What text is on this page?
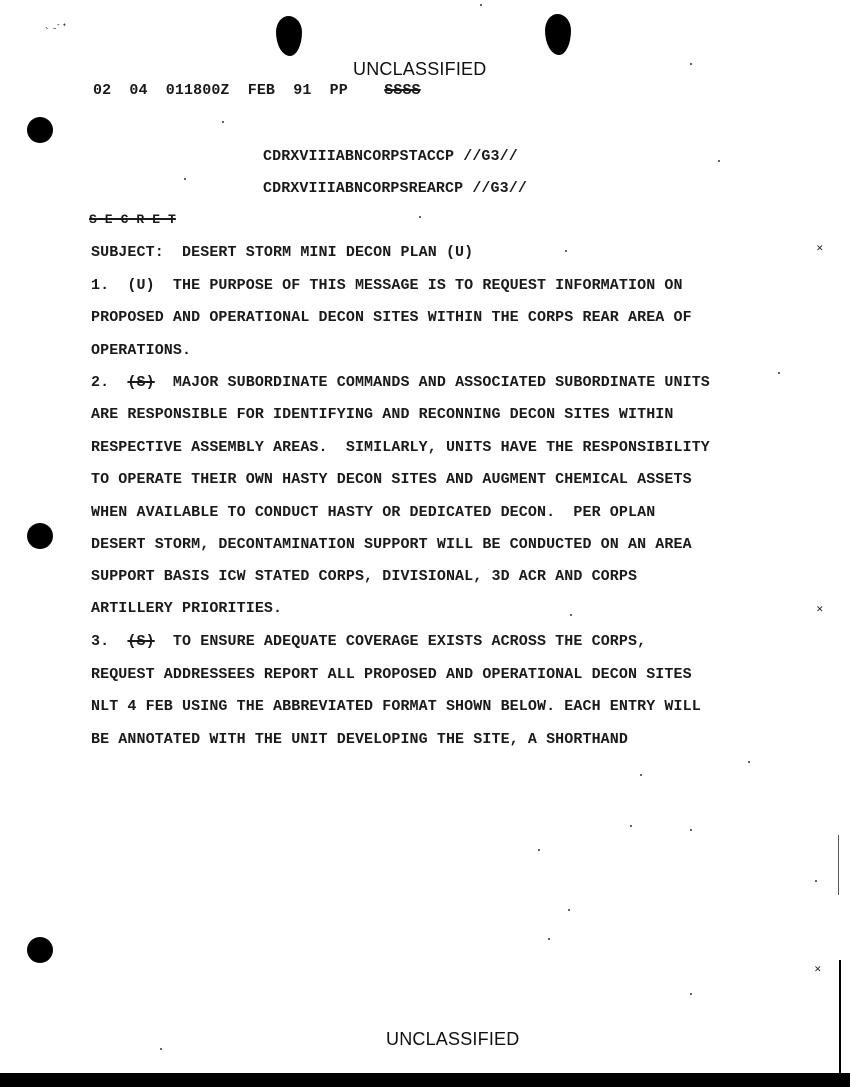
ˎ ˍ˗ ˖
✕
✕
✕
UNCLASSIFIED
02  04  011800Z  FEB  91  PP SSSS
CDRXVIIIABNCORPSTACCP //G3//
CDRXVIIIABNCORPSREARCP //G3//
S E C R E T
SUBJECT:  DESERT STORM MINI DECON PLAN (U)
1.  (U)  THE PURPOSE OF THIS MESSAGE IS TO REQUEST INFORMATION ON
PROPOSED AND OPERATIONAL DECON SITES WITHIN THE CORPS REAR AREA OF
OPERATIONS.
2.  (S)  MAJOR SUBORDINATE COMMANDS AND ASSOCIATED SUBORDINATE UNITS
ARE RESPONSIBLE FOR IDENTIFYING AND RECONNING DECON SITES WITHIN
RESPECTIVE ASSEMBLY AREAS.  SIMILARLY, UNITS HAVE THE RESPONSIBILITY
TO OPERATE THEIR OWN HASTY DECON SITES AND AUGMENT CHEMICAL ASSETS
WHEN AVAILABLE TO CONDUCT HASTY OR DEDICATED DECON.  PER OPLAN
DESERT STORM, DECONTAMINATION SUPPORT WILL BE CONDUCTED ON AN AREA
SUPPORT BASIS ICW STATED CORPS, DIVISIONAL, 3D ACR AND CORPS
ARTILLERY PRIORITIES.
3.  (S)  TO ENSURE ADEQUATE COVERAGE EXISTS ACROSS THE CORPS,
REQUEST ADDRESSEES REPORT ALL PROPOSED AND OPERATIONAL DECON SITES
NLT 4 FEB USING THE ABBREVIATED FORMAT SHOWN BELOW. EACH ENTRY WILL
BE ANNOTATED WITH THE UNIT DEVELOPING THE SITE, A SHORTHAND
UNCLASSIFIED
